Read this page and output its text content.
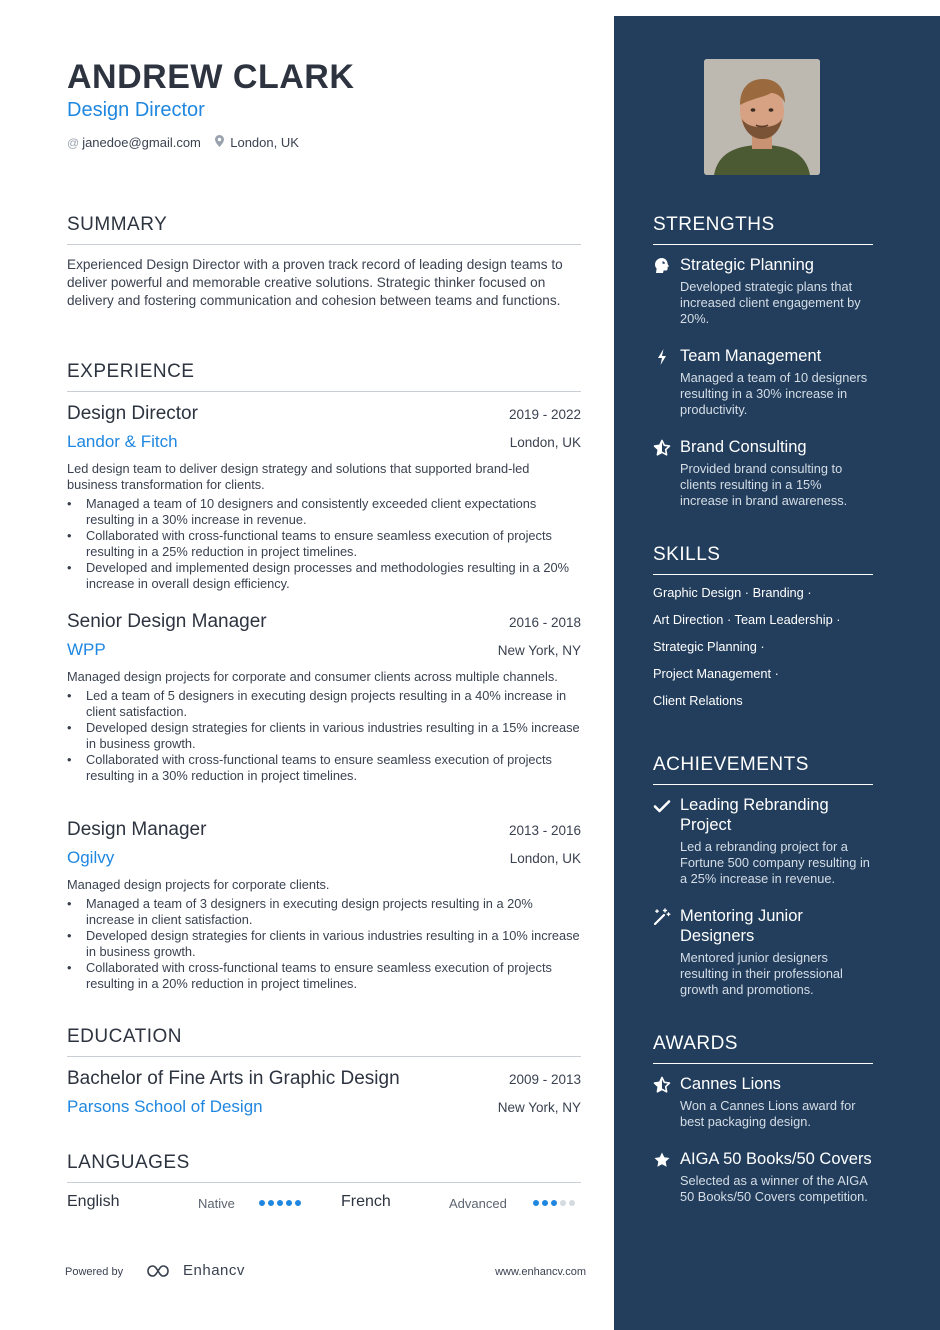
ANDREW CLARK
Design Director
@ janedoe@gmail.com	London, UK
SUMMARY
Experienced Design Director with a proven track record of leading design teams to deliver powerful and memorable creative solutions. Strategic thinker focused on delivery and fostering communication and cohesion between teams and functions.
EXPERIENCE
Design Director	2019 - 2022
Landor & Fitch	London, UK
Led design team to deliver design strategy and solutions that supported brand-led business transformation for clients.
• Managed a team of 10 designers and consistently exceeded client expectations resulting in a 30% increase in revenue.
• Collaborated with cross-functional teams to ensure seamless execution of projects resulting in a 25% reduction in project timelines.
• Developed and implemented design processes and methodologies resulting in a 20% increase in overall design efficiency.
Senior Design Manager	2016 - 2018
WPP	New York, NY
Managed design projects for corporate and consumer clients across multiple channels.
• Led a team of 5 designers in executing design projects resulting in a 40% increase in client satisfaction.
• Developed design strategies for clients in various industries resulting in a 15% increase in business growth.
• Collaborated with cross-functional teams to ensure seamless execution of projects resulting in a 30% reduction in project timelines.
Design Manager	2013 - 2016
Ogilvy	London, UK
Managed design projects for corporate clients.
• Managed a team of 3 designers in executing design projects resulting in a 20% increase in client satisfaction.
• Developed design strategies for clients in various industries resulting in a 10% increase in business growth.
• Collaborated with cross-functional teams to ensure seamless execution of projects resulting in a 20% reduction in project timelines.
EDUCATION
Bachelor of Fine Arts in Graphic Design	2009 - 2013
Parsons School of Design	New York, NY
LANGUAGES
English	Native	French	Advanced
Powered by	Enhancv	www.enhancv.com
STRENGTHS
Strategic Planning
Developed strategic plans that increased client engagement by 20%.
Team Management
Managed a team of 10 designers resulting in a 30% increase in productivity.
Brand Consulting
Provided brand consulting to clients resulting in a 15% increase in brand awareness.
SKILLS
Graphic Design · Branding ·
Art Direction · Team Leadership ·
Strategic Planning ·
Project Management ·
Client Relations
ACHIEVEMENTS
Leading Rebranding Project
Led a rebranding project for a Fortune 500 company resulting in a 25% increase in revenue.
Mentoring Junior Designers
Mentored junior designers resulting in their professional growth and promotions.
AWARDS
Cannes Lions
Won a Cannes Lions award for best packaging design.
AIGA 50 Books/50 Covers
Selected as a winner of the AIGA 50 Books/50 Covers competition.
